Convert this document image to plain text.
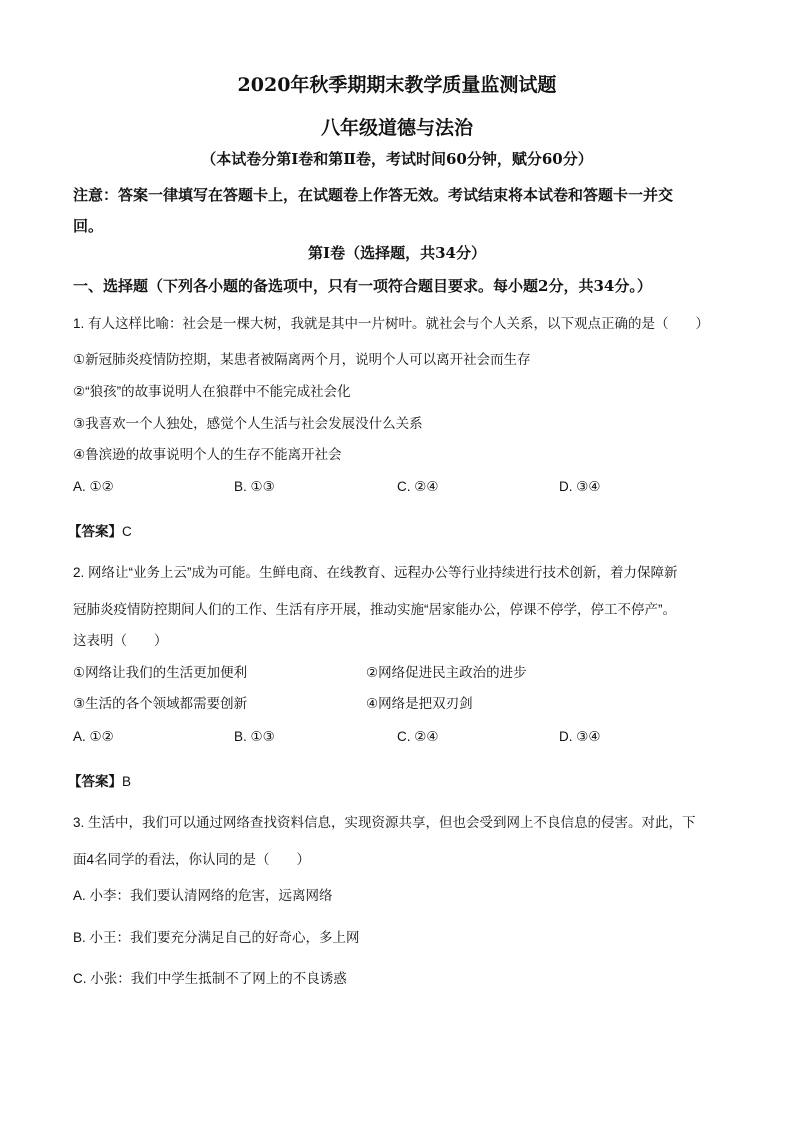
2020年秋季期期末教学质量监测试题
八年级道德与法治
（本试卷分第Ⅰ卷和第Ⅱ卷，考试时间60分钟，赋分60分）
注意：答案一律填写在答题卡上，在试题卷上作答无效。考试结束将本试卷和答题卡一并交
回。
第Ⅰ卷（选择题，共34分）
一、选择题（下列各小题的备选项中，只有一项符合题目要求。每小题2分，共34分。）
1. 有人这样比喻：社会是一棵大树，我就是其中一片树叶。就社会与个人关系，以下观点正确的是（　　）
①新冠肺炎疫情防控期，某患者被隔离两个月，说明个人可以离开社会而生存
②“狼孩”的故事说明人在狼群中不能完成社会化
③我喜欢一个人独处，感觉个人生活与社会发展没什么关系
④鲁滨逊的故事说明个人的生存不能离开社会
A. ①②	B. ①③	C. ②④	D. ③④
【答案】C
2. 网络让“业务上云”成为可能。生鲜电商、在线教育、远程办公等行业持续进行技术创新，着力保障新
冠肺炎疫情防控期间人们的工作、生活有序开展，推动实施“居家能办公，停课不停学，停工不停产”。
这表明（　　）
①网络让我们的生活更加便利	②网络促进民主政治的进步
③生活的各个领域都需要创新	④网络是把双刃剑
A. ①②	B. ①③	C. ②④	D. ③④
【答案】B
3. 生活中，我们可以通过网络查找资料信息，实现资源共享，但也会受到网上不良信息的侵害。对此，下
面4名同学的看法，你认同的是（　　）
A. 小李：我们要认清网络的危害，远离网络
B. 小王：我们要充分满足自己的好奇心，多上网
C. 小张：我们中学生抵制不了网上的不良诱惑
